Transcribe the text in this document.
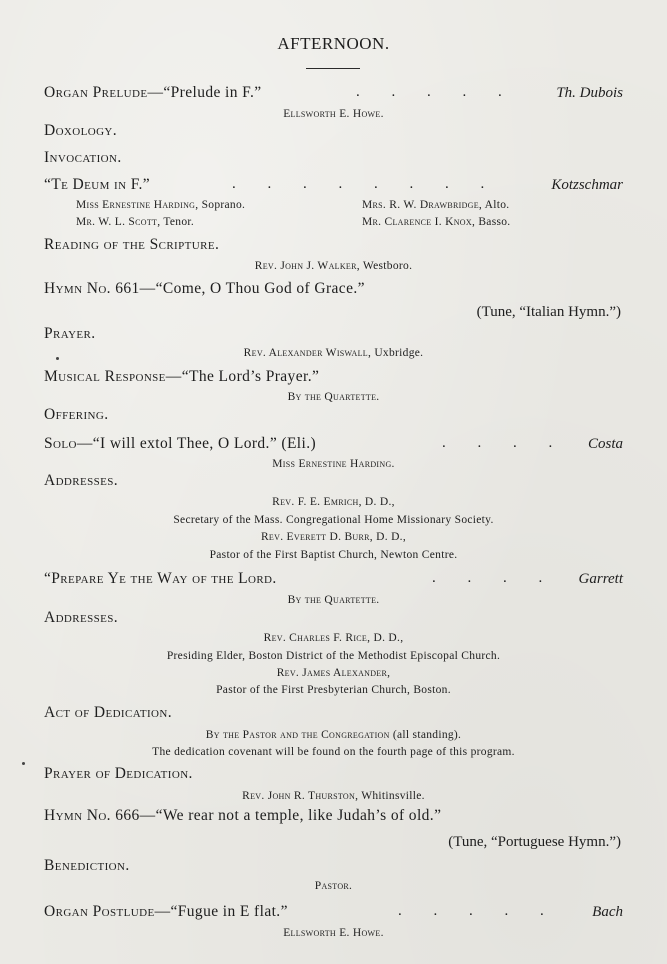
AFTERNOON.
Organ Prelude—“Prelude in F.”	. . . . .	Th. Dubois
Ellsworth E. Howe.
Doxology.
Invocation.
“Te Deum in F.”	. . . . . . . .	Kotzschmar
Miss Ernestine Harding, Soprano.	Mrs. R. W. Drawbridge, Alto.
Mr. W. L. Scott, Tenor.	Mr. Clarence I. Knox, Basso.
Reading of the Scripture.
Rev. John J. Walker, Westboro.
Hymn No. 661—“Come, O Thou God of Grace.”
(Tune, “Italian Hymn.”)
Prayer.
Rev. Alexander Wiswall, Uxbridge.
Musical Response—“The Lord’s Prayer.”
By the Quartette.
Offering.
Solo—“I will extol Thee, O Lord.” (Eli.)	. . . . Costa
Miss Ernestine Harding.
Addresses.
Rev. F. E. Emrich, D. D.,
Secretary of the Mass. Congregational Home Missionary Society.
Rev. Everett D. Burr, D. D.,
Pastor of the First Baptist Church, Newton Centre.
“Prepare Ye the Way of the Lord.	. . . . Garrett
By the Quartette.
Addresses.
Rev. Charles F. Rice, D. D.,
Presiding Elder, Boston District of the Methodist Episcopal Church.
Rev. James Alexander,
Pastor of the First Presbyterian Church, Boston.
Act of Dedication.
By the Pastor and the Congregation (all standing).
The dedication covenant will be found on the fourth page of this program.
Prayer of Dedication.
Rev. John R. Thurston, Whitinsville.
Hymn No. 666—“We rear not a temple, like Judah’s of old.”
(Tune, “Portuguese Hymn.”)
Benediction.
Pastor.
Organ Postlude—“Fugue in E flat.”	. . . . . Bach
Ellsworth E. Howe.
